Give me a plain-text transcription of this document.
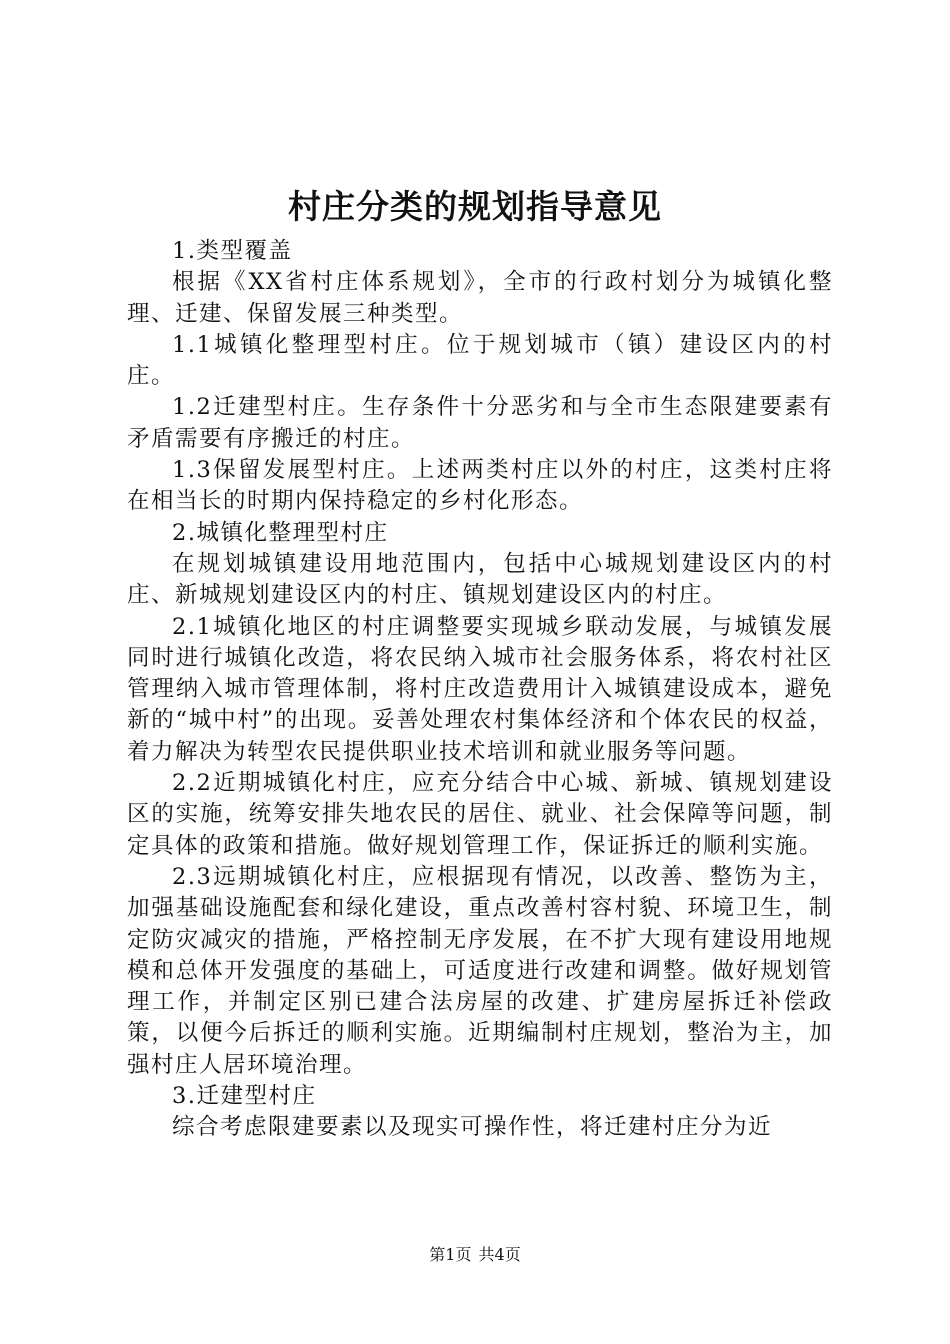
村庄分类的规划指导意见

1.类型覆盖

根据《XX省村庄体系规划》，全市的行政村划分为城镇化整理、迁建、保留发展三种类型。

1.1城镇化整理型村庄。位于规划城市（镇）建设区内的村庄。

1.2迁建型村庄。生存条件十分恶劣和与全市生态限建要素有矛盾需要有序搬迁的村庄。

1.3保留发展型村庄。上述两类村庄以外的村庄，这类村庄将在相当长的时期内保持稳定的乡村化形态。

2.城镇化整理型村庄

在规划城镇建设用地范围内，包括中心城规划建设区内的村庄、新城规划建设区内的村庄、镇规划建设区内的村庄。

2.1城镇化地区的村庄调整要实现城乡联动发展，与城镇发展同时进行城镇化改造，将农民纳入城市社会服务体系，将农村社区管理纳入城市管理体制，将村庄改造费用计入城镇建设成本，避免新的“城中村”的出现。妥善处理农村集体经济和个体农民的权益，着力解决为转型农民提供职业技术培训和就业服务等问题。

2.2近期城镇化村庄，应充分结合中心城、新城、镇规划建设区的实施，统筹安排失地农民的居住、就业、社会保障等问题，制定具体的政策和措施。做好规划管理工作，保证拆迁的顺利实施。

2.3远期城镇化村庄，应根据现有情况，以改善、整饬为主，加强基础设施配套和绿化建设，重点改善村容村貌、环境卫生，制定防灾减灾的措施，严格控制无序发展，在不扩大现有建设用地规模和总体开发强度的基础上，可适度进行改建和调整。做好规划管理工作，并制定区别已建合法房屋的改建、扩建房屋拆迁补偿政策，以便今后拆迁的顺利实施。近期编制村庄规划，整治为主，加强村庄人居环境治理。

3.迁建型村庄

综合考虑限建要素以及现实可操作性，将迁建村庄分为近

第1页 共4页
